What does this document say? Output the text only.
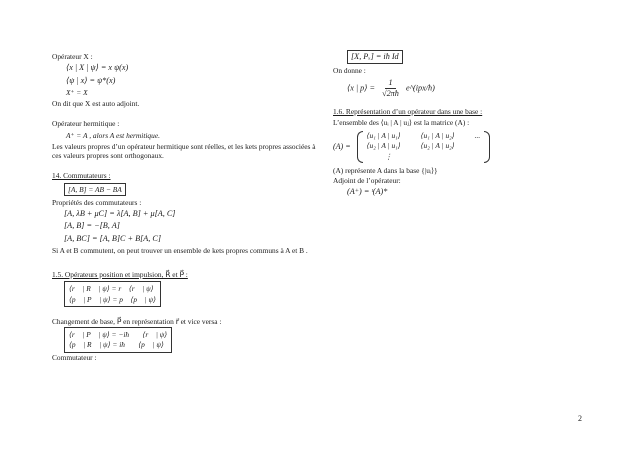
Opérateur X :
⟨x | X | ψ⟩ = x ψ(x)
⟨ψ | x⟩ = ψ*(x)
X⁺ = X
On dit que X est auto adjoint.
Opérateur hermitique :
A⁺ = A , alors A est hermitique.
Les valeurs propres d’un opérateur hermitique sont réelles, et les kets propres associées à ces valeurs propres sont orthogonaux.
14. Commutateurs :
[A, B] = AB − BA
Propriétés des commutateurs :
[A, λB + μC] = λ[A, B] + μ[A, C]
[A, B] = −[B, A]
[A, BC] = [A, B]C + B[A, C]
Si A et B commutent, on peut trouver un ensemble de kets propres communs à A et B .
1.5. Opérateurs position et impulsion, R⃗ et P⃗ :
⟨r⃗ | R⃗ | ψ⟩ = r⃗ ⟨r⃗ | ψ⟩
⟨p⃗ | P⃗ | ψ⟩ = p⃗ ⟨p⃗ | ψ⟩
Changement de base, P⃗ en représentation r⃗ et vice versa :
⟨r⃗ | P⃗ | ψ⟩ = −iħ∇⃗ ⟨r⃗ | ψ⟩
⟨p⃗ | R⃗ | ψ⟩ = iħ∇⃗ ⟨p⃗ | ψ⟩
Commutateur :
[X, Pₓ] = iħ Id
On donne :
⟨x | p⟩ = $\frac{1}{√2\pi ħ}$ e^(ipx/ħ)
1.6. Représentation d’un opérateur dans une base :
L’ensemble des ⟨uᵢ | A | uⱼ⟩ est la matrice (A) :
(A) =
⟨u₁ | A | u₁⟩	⟨u₁ | A | u₂⟩	...
⟨u₂ | A | u₁⟩	⟨u₂ | A | u₂⟩
⋮
(A) représente A dans la base {|uᵢ⟩}
Adjoint de l’opérateur:
(A⁺) = ᵗ(A)*
2
